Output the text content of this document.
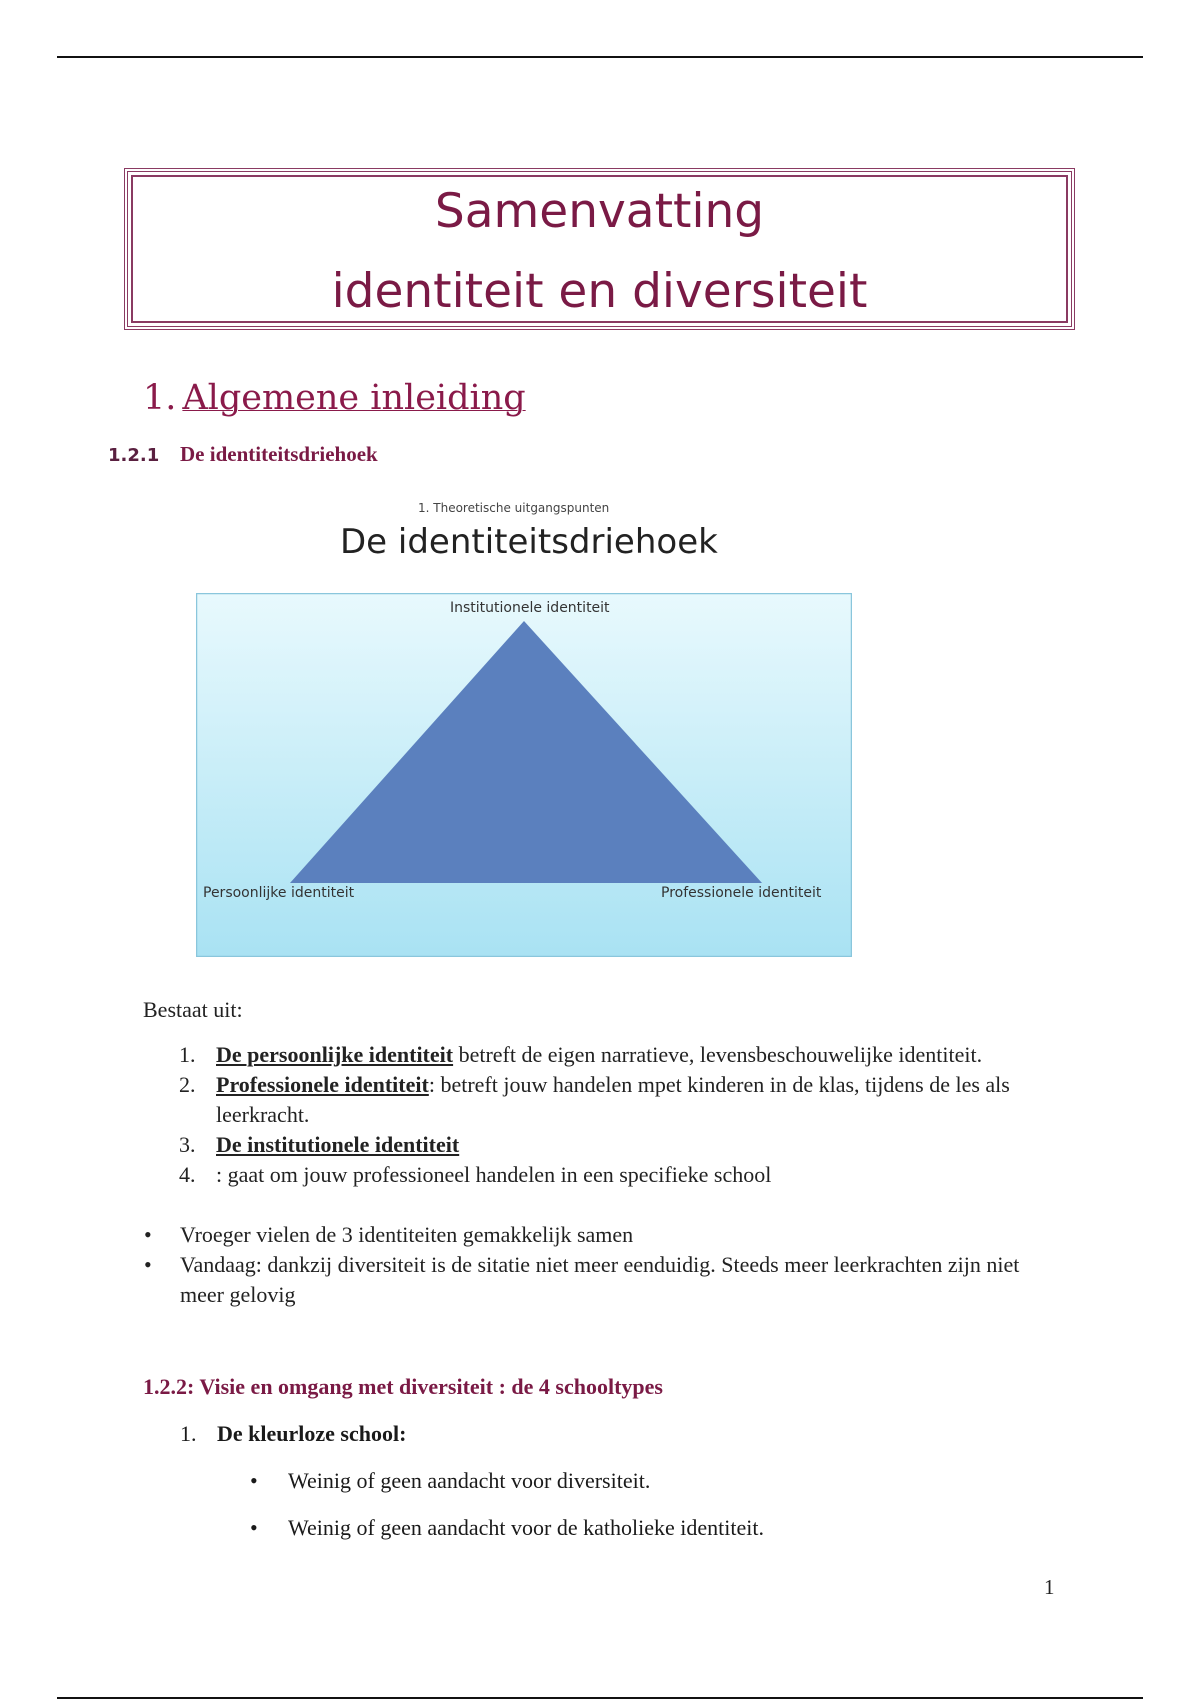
Samenvatting
identiteit en diversiteit
1. Algemene inleiding
1.2.1 De identiteitsdriehoek
1. Theoretische uitgangspunten
De identiteitsdriehoek
Institutionele identiteit
Persoonlijke identiteit	Professionele identiteit
Bestaat uit:
1. De persoonlijke identiteit betreft de eigen narratieve, levensbeschouwelijke identiteit.
2. Professionele identiteit: betreft jouw handelen mpet kinderen in de klas, tijdens de les als leerkracht.
3. De institutionele identiteit
4. : gaat om jouw professioneel handelen in een specifieke school
• Vroeger vielen de 3 identiteiten gemakkelijk samen
• Vandaag: dankzij diversiteit is de sitatie niet meer eenduidig. Steeds meer leerkrachten zijn niet meer gelovig
1.2.2: Visie en omgang met diversiteit : de 4 schooltypes
1. De kleurloze school:
• Weinig of geen aandacht voor diversiteit.
• Weinig of geen aandacht voor de katholieke identiteit.
1
